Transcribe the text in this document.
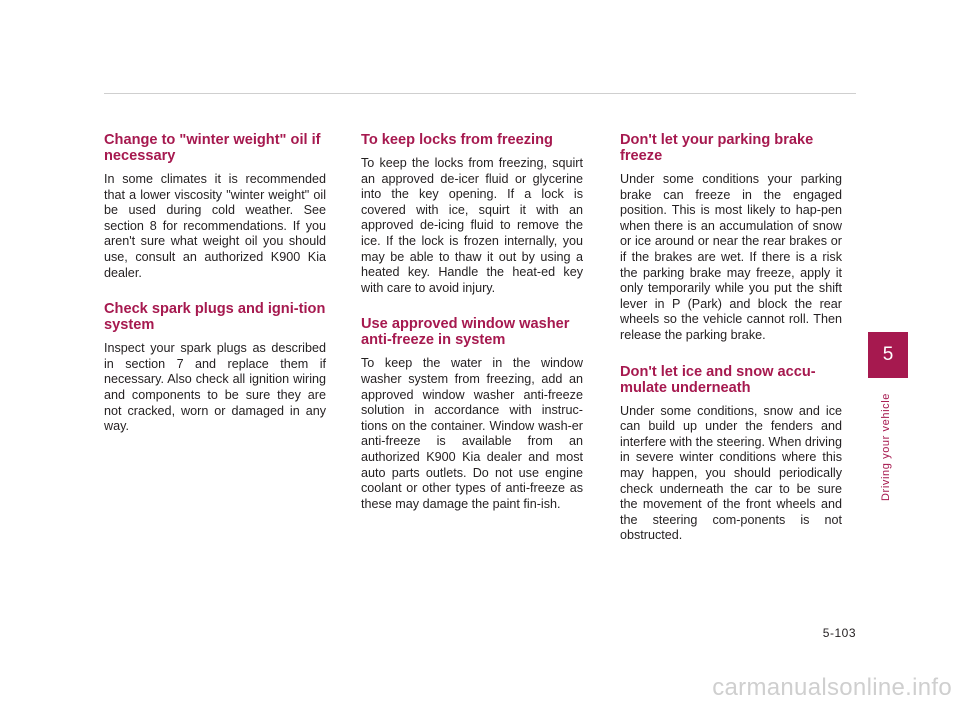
Change to "winter weight" oil if necessary

In some climates it is recommended that a lower viscosity "winter weight" oil be used during cold weather. See section 8 for recommendations. If you aren't sure what weight oil you should use, consult an authorized K900 Kia dealer.

Check spark plugs and igni-tion system

Inspect your spark plugs as described in section 7 and replace them if necessary. Also check all ignition wiring and components to be sure they are not cracked, worn or damaged in any way.

To keep locks from freezing

To keep the locks from freezing, squirt an approved de-icer fluid or glycerine into the key opening. If a lock is covered with ice, squirt it with an approved de-icing fluid to remove the ice. If the lock is frozen internally, you may be able to thaw it out by using a heated key. Handle the heat-ed key with care to avoid injury.

Use approved window washer anti-freeze in system

To keep the water in the window washer system from freezing, add an approved window washer anti-freeze solution in accordance with instruc-tions on the container. Window wash-er anti-freeze is available from an authorized K900 Kia dealer and most auto parts outlets. Do not use engine coolant or other types of anti-freeze as these may damage the paint fin-ish.

Don't let your parking brake freeze

Under some conditions your parking brake can freeze in the engaged position. This is most likely to hap-pen when there is an accumulation of snow or ice around or near the rear brakes or if the brakes are wet. If there is a risk the parking brake may freeze, apply it only temporarily while you put the shift lever in P (Park) and block the rear wheels so the vehicle cannot roll. Then release the parking brake.

Don't let ice and snow accu-mulate underneath

Under some conditions, snow and ice can build up under the fenders and interfere with the steering. When driving in severe winter conditions where this may happen, you should periodically check underneath the car to be sure the movement of the front wheels and the steering com-ponents is not obstructed.

5
Driving your vehicle
5-103
carmanualsonline.info
